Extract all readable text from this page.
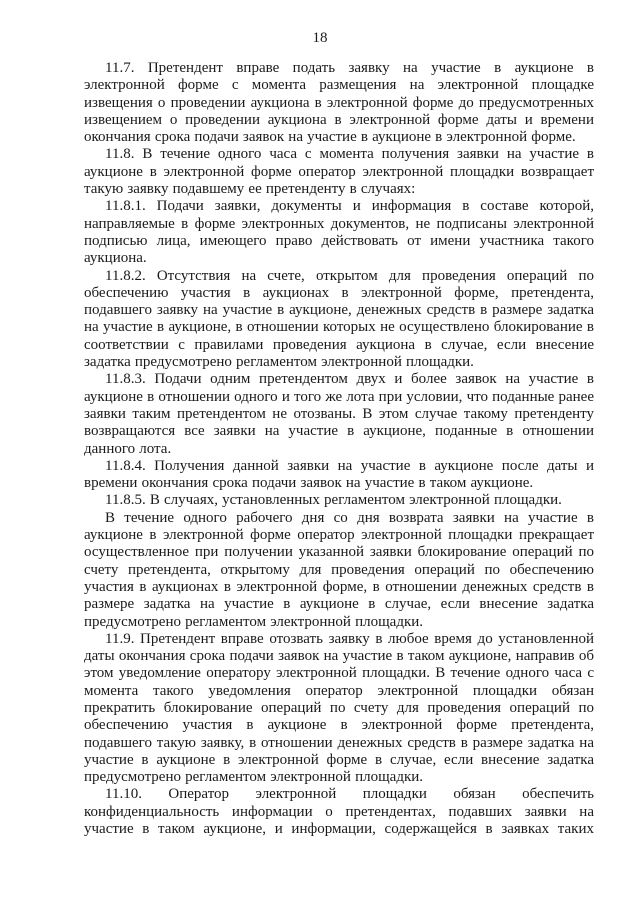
18

11.7. Претендент вправе подать заявку на участие в аукционе в электронной форме с момента размещения на электронной площадке извещения о проведении аукциона в электронной форме до предусмотренных извещением о проведении аукциона в электронной форме даты и времени окончания срока подачи заявок на участие в аукционе в электронной форме.

11.8. В течение одного часа с момента получения заявки на участие в аукционе в электронной форме оператор электронной площадки возвращает такую заявку подавшему ее претенденту в случаях:

11.8.1. Подачи заявки, документы и информация в составе которой, направляемые в форме электронных документов, не подписаны электронной подписью лица, имеющего право действовать от имени участника такого аукциона.

11.8.2. Отсутствия на счете, открытом для проведения операций по обеспечению участия в аукционах в электронной форме, претендента, подавшего заявку на участие в аукционе, денежных средств в размере задатка на участие в аукционе, в отношении которых не осуществлено блокирование в соответствии с правилами проведения аукциона в случае, если внесение задатка предусмотрено регламентом электронной площадки.

11.8.3. Подачи одним претендентом двух и более заявок на участие в аукционе в отношении одного и того же лота при условии, что поданные ранее заявки таким претендентом не отозваны. В этом случае такому претенденту возвращаются все заявки на участие в аукционе, поданные в отношении данного лота.

11.8.4. Получения данной заявки на участие в аукционе после даты и времени окончания срока подачи заявок на участие в таком аукционе.

11.8.5. В случаях, установленных регламентом электронной площадки.

В течение одного рабочего дня со дня возврата заявки на участие в аукционе в электронной форме оператор электронной площадки прекращает осуществленное при получении указанной заявки блокирование операций по счету претендента, открытому для проведения операций по обеспечению участия в аукционах в электронной форме, в отношении денежных средств в размере задатка на участие в аукционе в случае, если внесение задатка предусмотрено регламентом электронной площадки.

11.9. Претендент вправе отозвать заявку в любое время до установленной даты окончания срока подачи заявок на участие в таком аукционе, направив об этом уведомление оператору электронной площадки. В течение одного часа с момента такого уведомления оператор электронной площадки обязан прекратить блокирование операций по счету для проведения операций по обеспечению участия в аукционе в электронной форме претендента, подавшего такую заявку, в отношении денежных средств в размере задатка на участие в аукционе в электронной форме в случае, если внесение задатка предусмотрено регламентом электронной площадки.

11.10. Оператор электронной площадки обязан обеспечить конфиденциальность информации о претендентах, подавших заявки на участие в таком аукционе, и информации, содержащейся в заявках таких
